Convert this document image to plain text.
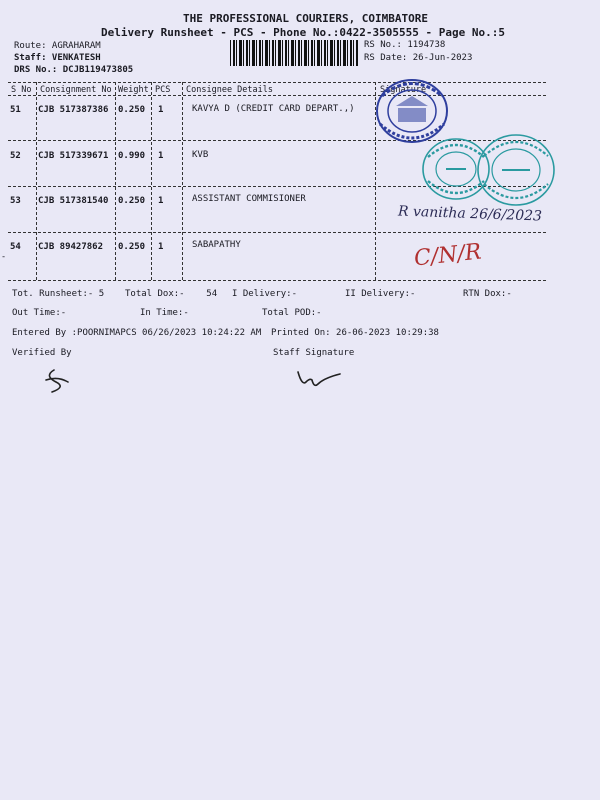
THE PROFESSIONAL COURIERS, COIMBATORE
Delivery Runsheet - PCS - Phone No.:0422-3505555 - Page No.:5
Route: AGRAHARAM
Staff: VENKATESH
DRS No.: DCJB119473805
RS No.: 1194738
RS Date: 26-Jun-2023
S No Consignment No Weight PCS Consignee Details	Signature
51 CJB 517387386 0.250 1	KAVYA D (CREDIT CARD DEPART.,)
52 CJB 517339671 0.990 1	KVB
53 CJB 517381540 0.250 1	ASSISTANT COMMISIONER
54 CJB 89427862 0.250 1	SABAPATHY
R vanitha 26/6/2023
C/N/R
Tot. Runsheet:- 5 Total Dox:-    54 I Delivery:-	II Delivery:-	RTN Dox:-
Out Time:-	In Time:-	Total POD:-
Entered By :POORNIMAPCS 06/26/2023 10:24:22 AM Printed On: 26-06-2023 10:29:38
Verified By	Staff Signature
-
